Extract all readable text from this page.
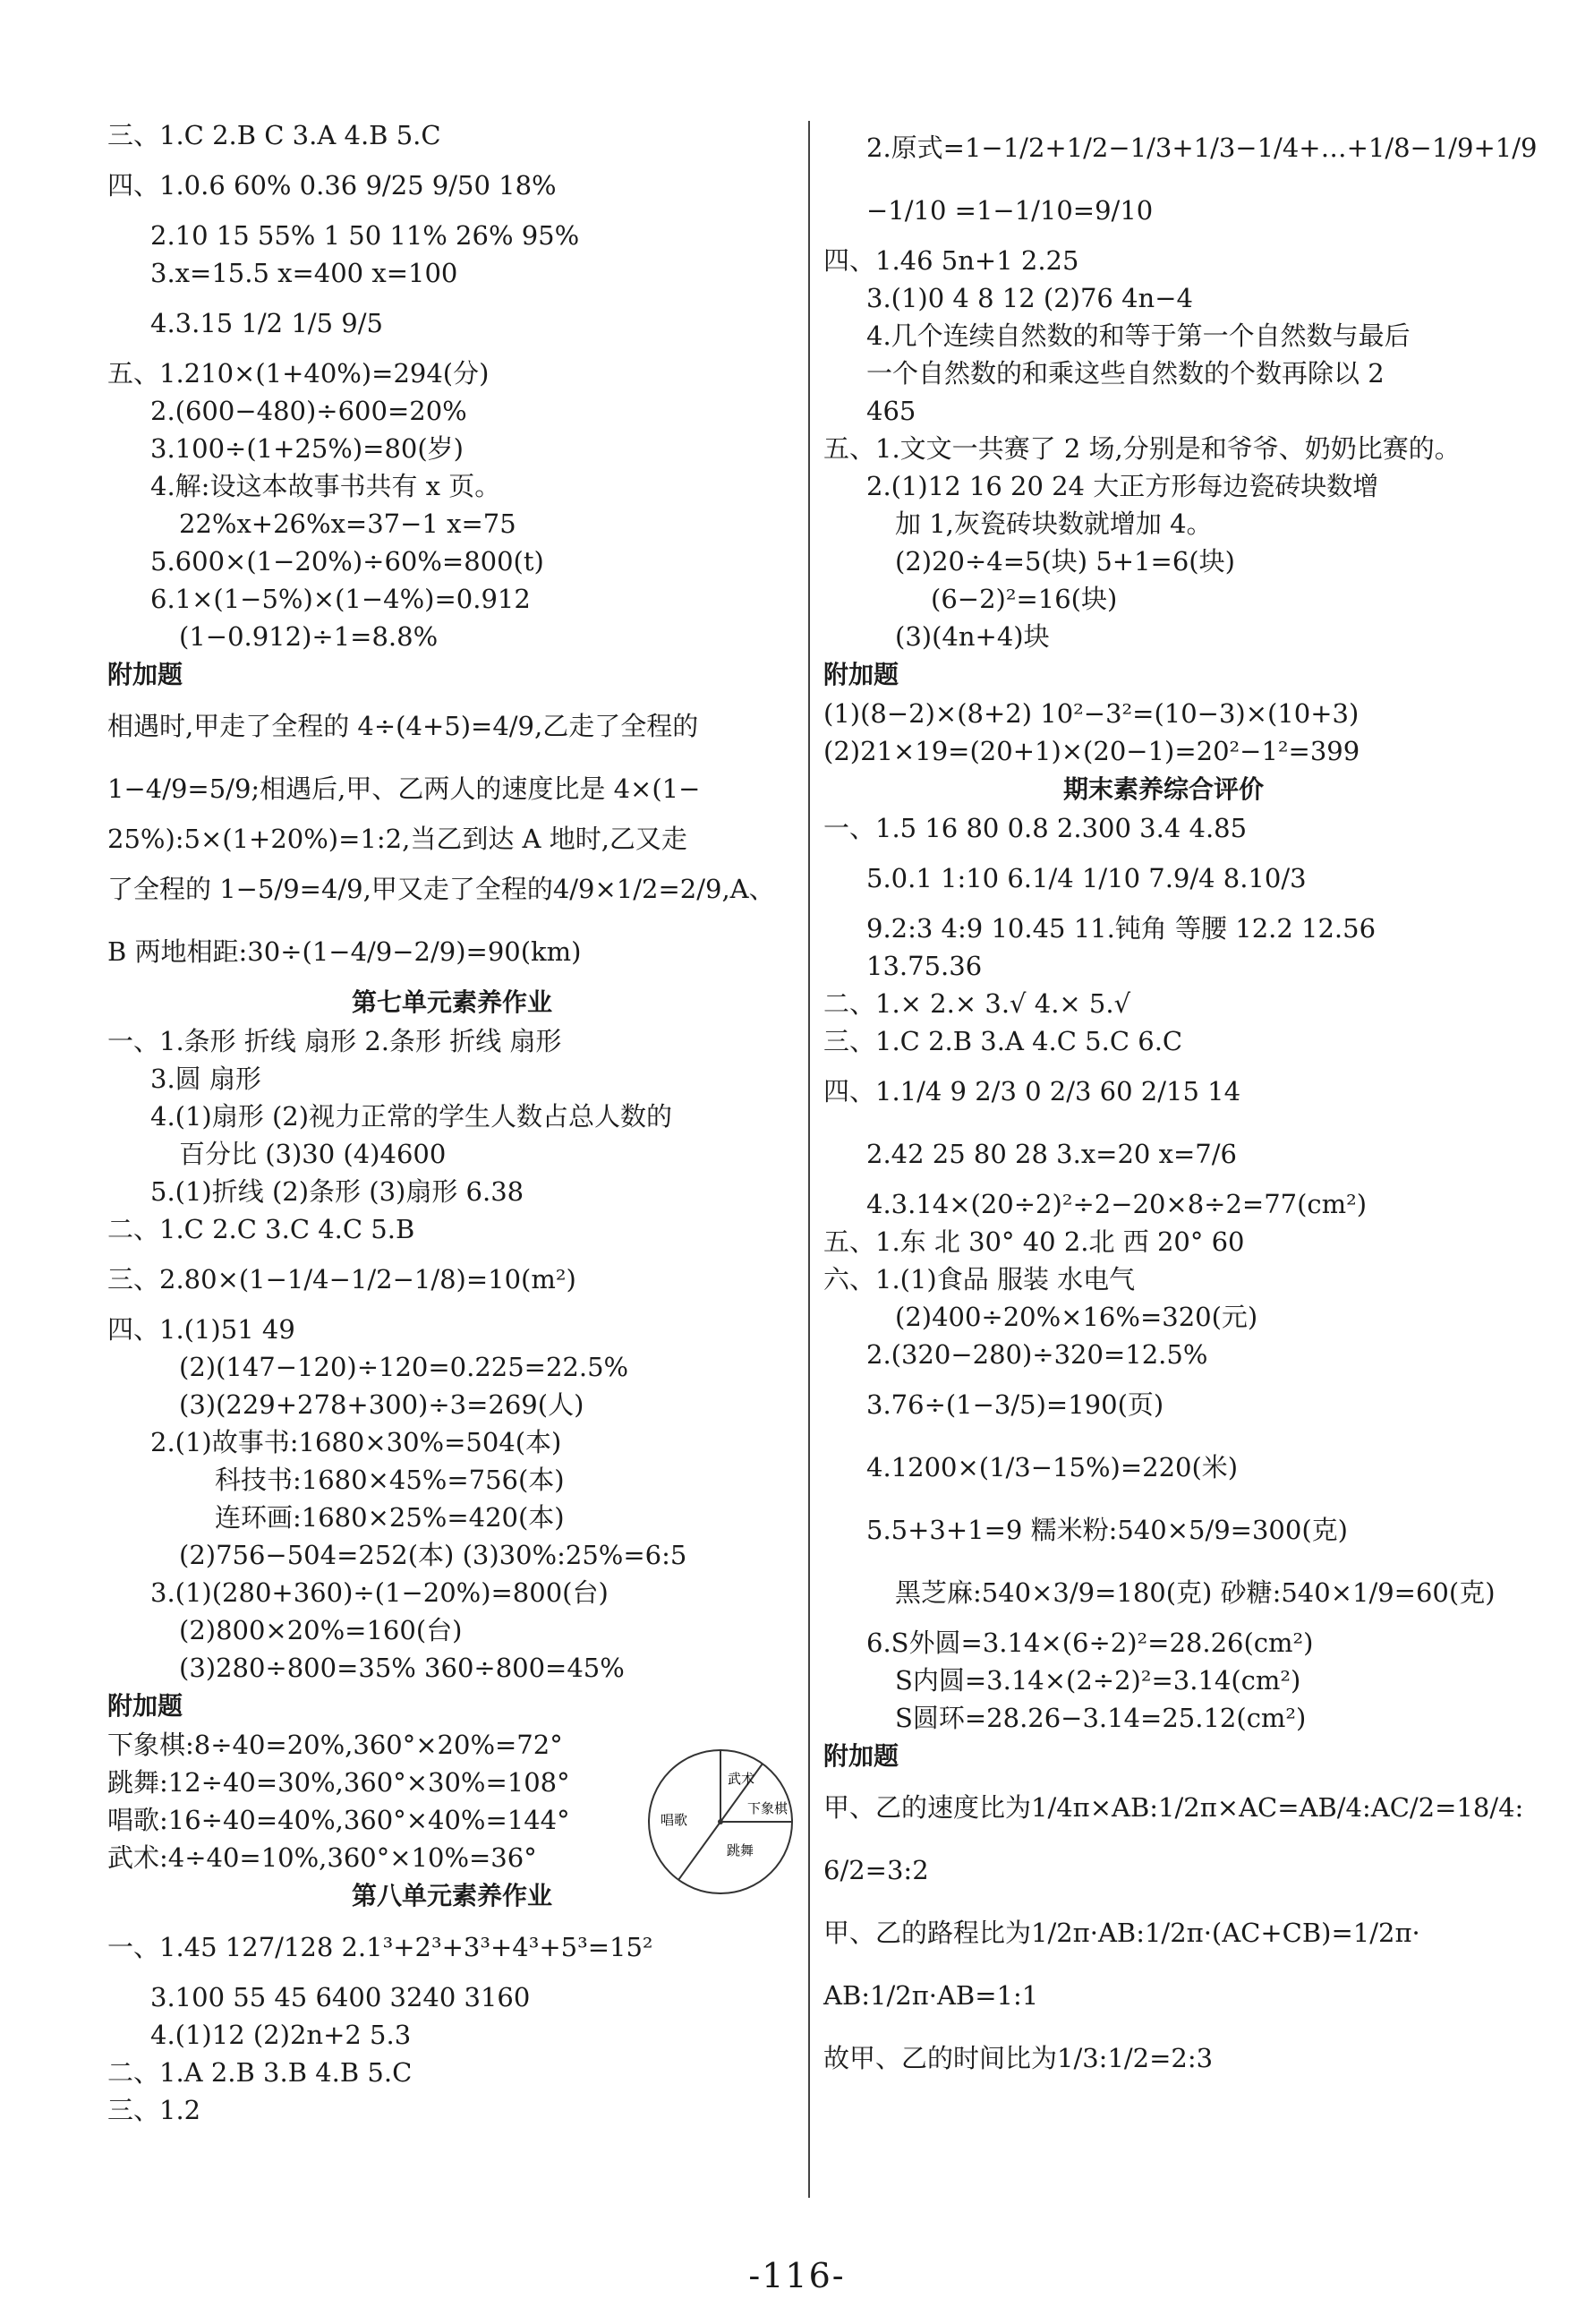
三、1.C 2.B C 3.A 4.B 5.C
四、1.0.6 60% 0.36 9/25 9/50 18%
2.10 15 55% 1 50 11% 26% 95%
3.x=15.5 x=400 x=100
4.3.15 1/2 1/5 9/5
五、1.210×(1+40%)=294(分)
2.(600−480)÷600=20%
3.100÷(1+25%)=80(岁)
4.解:设这本故事书共有 x 页。
22%x+26%x=37−1 x=75
5.600×(1−20%)÷60%=800(t)
6.1×(1−5%)×(1−4%)=0.912
(1−0.912)÷1=8.8%
附加题
相遇时,甲走了全程的 4÷(4+5)=4/9,乙走了全程的
1−4/9=5/9;相遇后,甲、乙两人的速度比是 4×(1−
25%):5×(1+20%)=1:2,当乙到达 A 地时,乙又走
了全程的 1−5/9=4/9,甲又走了全程的4/9×1/2=2/9,A、
B 两地相距:30÷(1−4/9−2/9)=90(km)
第七单元素养作业
一、1.条形 折线 扇形 2.条形 折线 扇形
3.圆 扇形
4.(1)扇形 (2)视力正常的学生人数占总人数的
百分比 (3)30 (4)4600
5.(1)折线 (2)条形 (3)扇形 6.38
二、1.C 2.C 3.C 4.C 5.B
三、2.80×(1−1/4−1/2−1/8)=10(m²)
四、1.(1)51 49
(2)(147−120)÷120=0.225=22.5%
(3)(229+278+300)÷3=269(人)
2.(1)故事书:1680×30%=504(本)
科技书:1680×45%=756(本)
连环画:1680×25%=420(本)
(2)756−504=252(本) (3)30%:25%=6:5
3.(1)(280+360)÷(1−20%)=800(台)
(2)800×20%=160(台)
(3)280÷800=35% 360÷800=45%
附加题
下象棋:8÷40=20%,360°×20%=72°
跳舞:12÷40=30%,360°×30%=108°
唱歌:16÷40=40%,360°×40%=144°
武术:4÷40=10%,360°×10%=36°
第八单元素养作业
一、1.45 127/128 2.1³+2³+3³+4³+5³=15²
3.100 55 45 6400 3240 3160
4.(1)12 (2)2n+2 5.3
二、1.A 2.B 3.B 4.B 5.C
三、1.2
2.原式=1−1/2+1/2−1/3+1/3−1/4+…+1/8−1/9+1/9
−1/10 =1−1/10=9/10
四、1.46 5n+1 2.25
3.(1)0 4 8 12 (2)76 4n−4
4.几个连续自然数的和等于第一个自然数与最后
一个自然数的和乘这些自然数的个数再除以 2
465
五、1.文文一共赛了 2 场,分别是和爷爷、奶奶比赛的。
2.(1)12 16 20 24 大正方形每边瓷砖块数增
加 1,灰瓷砖块数就增加 4。
(2)20÷4=5(块) 5+1=6(块)
(6−2)²=16(块)
(3)(4n+4)块
附加题
(1)(8−2)×(8+2) 10²−3²=(10−3)×(10+3)
(2)21×19=(20+1)×(20−1)=20²−1²=399
期末素养综合评价
一、1.5 16 80 0.8 2.300 3.4 4.85
5.0.1 1:10 6.1/4 1/10 7.9/4 8.10/3
9.2:3 4:9 10.45 11.钝角 等腰 12.2 12.56
13.75.36
二、1.× 2.× 3.√ 4.× 5.√
三、1.C 2.B 3.A 4.C 5.C 6.C
四、1.1/4 9 2/3 0 2/3 60 2/15 14
2.42 25 80 28 3.x=20 x=7/6
4.3.14×(20÷2)²÷2−20×8÷2=77(cm²)
五、1.东 北 30° 40 2.北 西 20° 60
六、1.(1)食品 服装 水电气
(2)400÷20%×16%=320(元)
2.(320−280)÷320=12.5%
3.76÷(1−3/5)=190(页)
4.1200×(1/3−15%)=220(米)
5.5+3+1=9 糯米粉:540×5/9=300(克)
黑芝麻:540×3/9=180(克) 砂糖:540×1/9=60(克)
6.S外圆=3.14×(6÷2)²=28.26(cm²)
S内圆=3.14×(2÷2)²=3.14(cm²)
S圆环=28.26−3.14=25.12(cm²)
附加题
甲、乙的速度比为1/4π×AB:1/2π×AC=AB/4:AC/2=18/4:
6/2=3:2
甲、乙的路程比为1/2π·AB:1/2π·(AC+CB)=1/2π·
AB:1/2π·AB=1:1
故甲、乙的时间比为1/3:1/2=2:3
武术
下象棋
唱歌
跳舞
-116-
